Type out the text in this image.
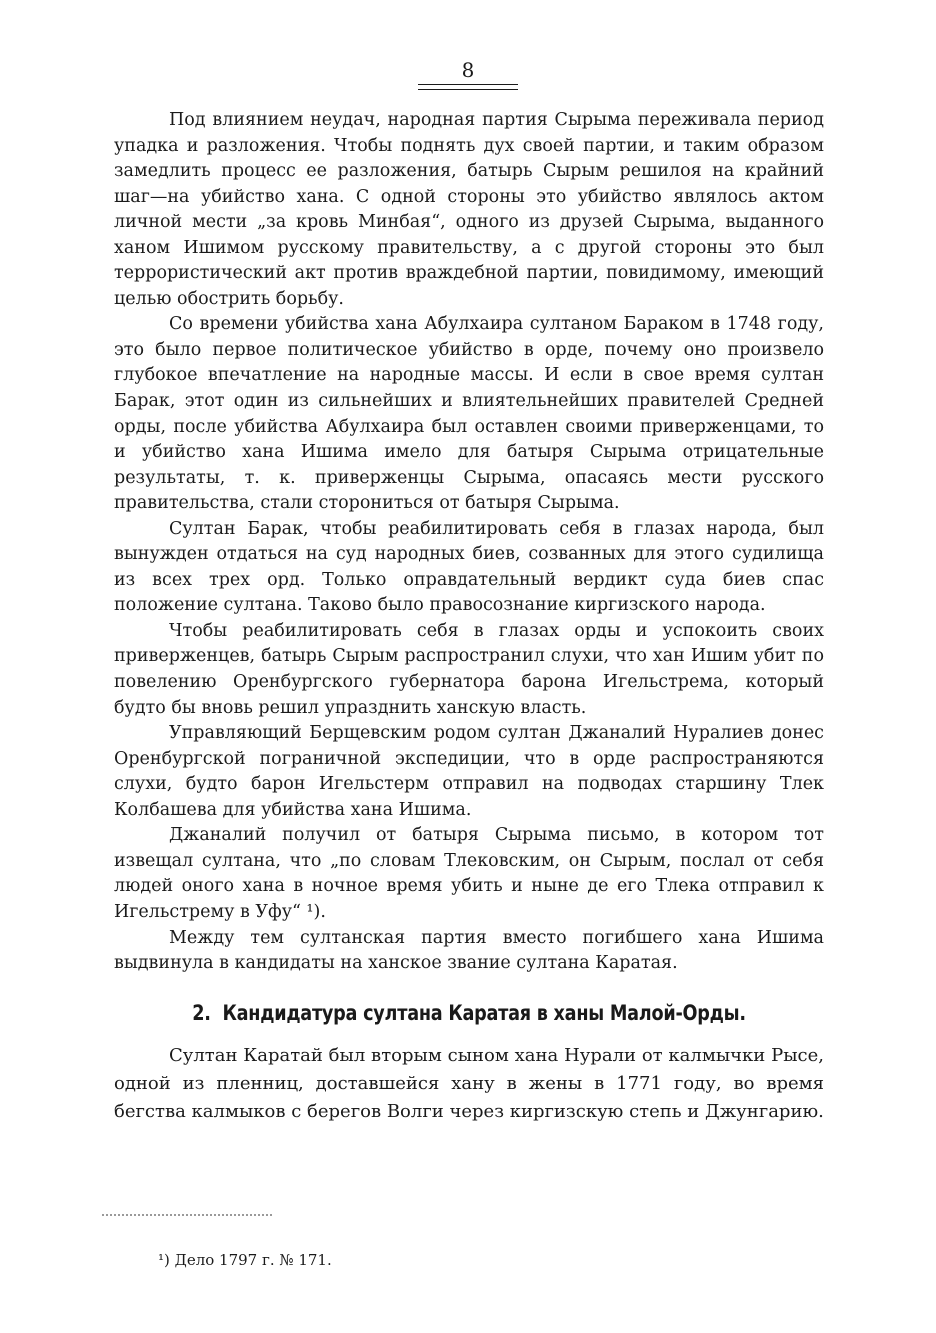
8

Под влиянием неудач, народная партия Сырыма переживала период упадка и разложения. Чтобы поднять дух своей партии, и таким образом замедлить процесс ее разложения, батырь Сырым решилоя на крайний шаг—на убийство хана. С одной стороны это убийство являлось актом личной мести „за кровь Минбая“, одного из друзей Сырыма, выданного ханом Ишимом русскому правительству, а с другой стороны это был террористический акт против враждебной партии, повидимому, имеющий целью обострить борьбу.

Со времени убийства хана Абулхаира султаном Бараком в 1748 году, это было первое политическое убийство в орде, почему оно произвело глубокое впечатление на народные массы. И если в свое время султан Барак, этот один из сильнейших и влиятельнейших правителей Средней орды, после убийства Абулхаира был оставлен своими приверженцами, то и убийство хана Ишима имело для батыря Сырыма отрицательные результаты, т. к. приверженцы Сырыма, опасаясь мести русского правительства, стали сторониться от батыря Сырыма.

Султан Барак, чтобы реабилитировать себя в глазах народа, был вынужден отдаться на суд народных биев, созванных для этого судилища из всех трех орд. Только оправдательный вердикт суда биев спас положение султана. Таково было правосознание киргизского народа.

Чтобы реабилитировать себя в глазах орды и успокоить своих приверженцев, батырь Сырым распространил слухи, что хан Ишим убит по повелению Оренбургского губернатора барона Игельстрема, который будто бы вновь решил упразднить ханскую власть.

Управляющий Берщевским родом султан Джаналий Нуралиев донес Оренбургской пограничной экспедиции, что в орде распространяются слухи, будто барон Игельстерм отправил на подводах старшину Тлек Колбашева для убийства хана Ишима.

Джаналий получил от батыря Сырыма письмо, в котором тот извещал султана, что „по словам Тлековским, он Сырым, послал от себя людей оного хана в ночное время убить и ныне де его Тлека отправил к Игельстрему в Уфу“ ¹).

Между тем султанская партия вместо погибшего хана Ишима выдвинула в кандидаты на ханское звание султана Каратая.

2. Кандидатура султана Каратая в ханы Малой-Орды.

Султан Каратай был вторым сыном хана Нурали от калмычки Рысе, одной из пленниц, доставшейся хану в жены в 1771 году, во время бегства калмыков с берегов Волги через киргизскую степь и Джунгарию.

¹) Дело 1797 г. № 171.
